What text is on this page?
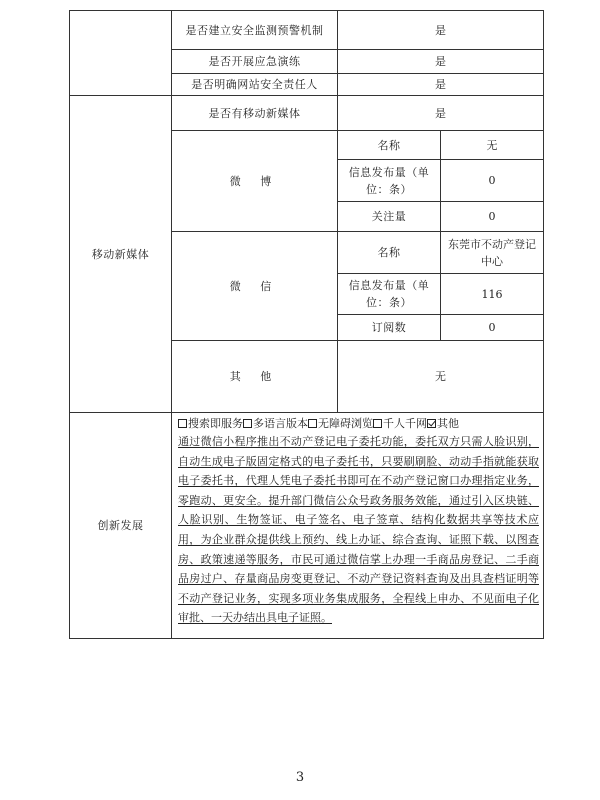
	是否建立安全监测预警机制	是	
	是否开展应急演练	是	
	是否明确网站安全责任人	是	
移动新媒体	是否有移动新媒体	是	
	微 博	名称	无
		信息发布量（单位：条）	0
		关注量	0
	微 信	名称	东莞市不动产登记中心
		信息发布量（单位：条）	116
		订阅数	0
	其 他	无	
创新发展	搜索即服务 多语言版本 无障碍浏览 千人千网 其他
通过微信小程序推出不动产登记电子委托功能，委托双方只需人脸识别，自动生成电子版固定格式的电子委托书，只要刷刷脸、动动手指就能获取电子委托书，代理人凭电子委托书即可在不动产登记窗口办理指定业务，零跑动、更安全。提升部门微信公众号政务服务效能，通过引入区块链、人脸识别、生物签证、电子签名、电子签章、结构化数据共享等技术应用，为企业群众提供线上预约、线上办证、综合查询、证照下载、以图查房、政策速递等服务，市民可通过微信掌上办理一手商品房登记、二手商品房过户、存量商品房变更登记、不动产登记资料查询及出具查档证明等不动产登记业务，实现多项业务集成服务，全程线上申办、不见面电子化审批、一天办结出具电子证照。		
3
